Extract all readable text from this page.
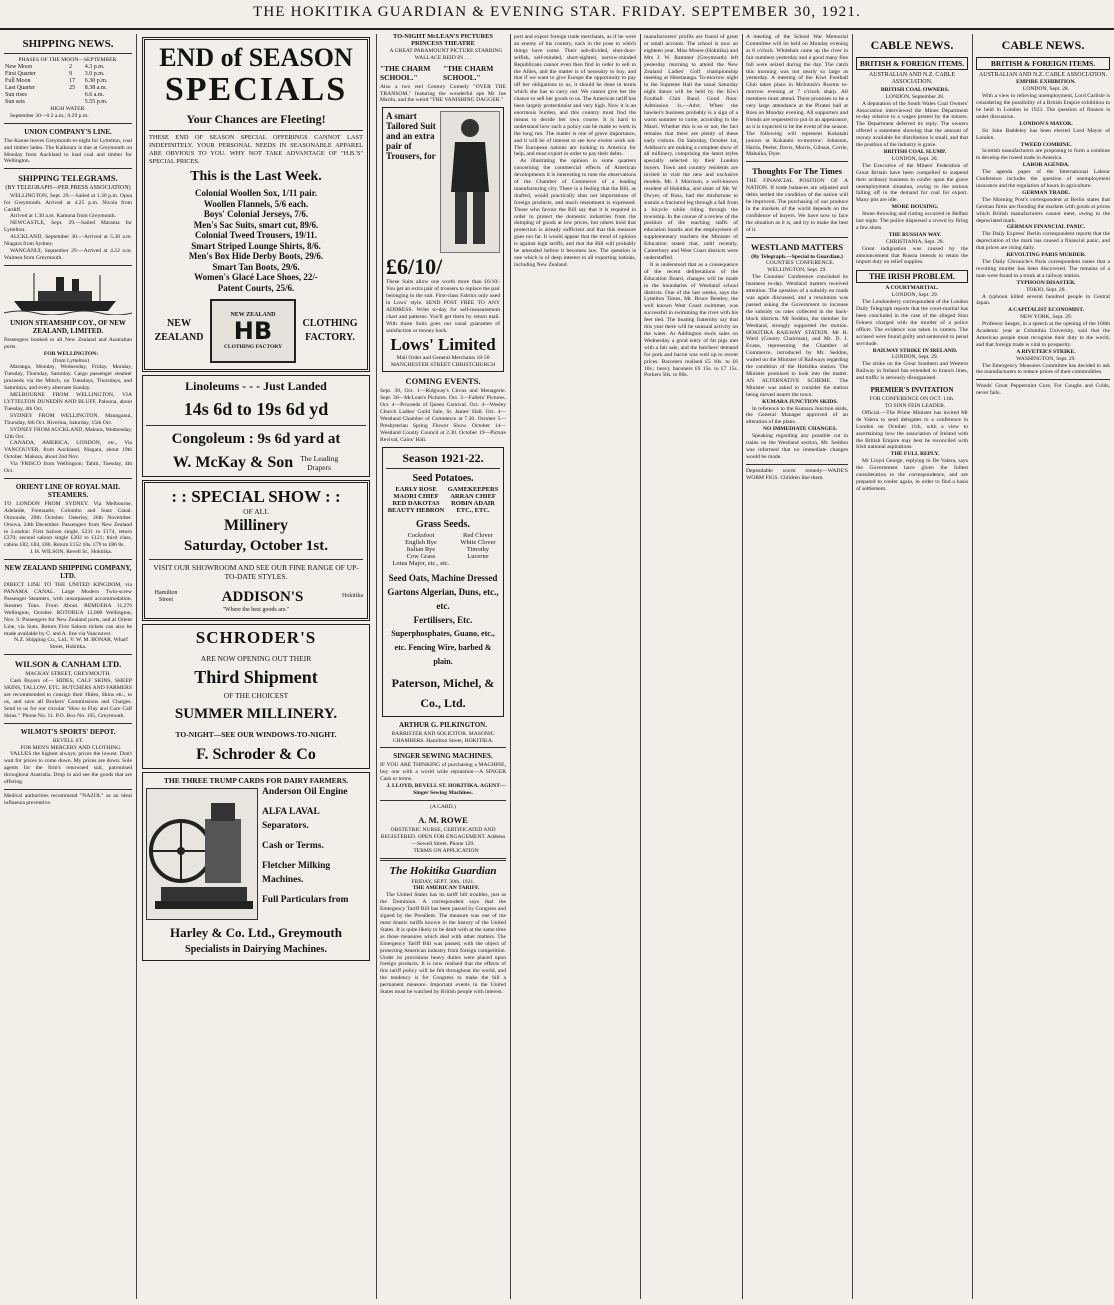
THE HOKITIKA GUARDIAN & EVENING STAR. FRIDAY. SEPTEMBER 30, 1921.
SHIPPING NEWS.
PHASES OF THE MOON—SEPTEMBER.
New Moon	2	4.3 p.m.
First Quarter	9	3.0 p.m.
Full Moon	17	6.30 p.m.
Last Quarter	25	8.38 a.m.
Sun rises		6.6 a.m.
Sun sets		5.55 p.m.
HIGH WATER.

September 30—0.2 a.m.; 0.29 p.m.

UNION COMPANY'S LINE.

The Kanne leaves Greymouth to-night for Lyttelton, coal and timber laden. The Kaikoura is due at Greymouth on Monday from Auckland to load coal and timber for Wellington.

SHIPPING TELEGRAMS.
(BY TELEGRAPH—PER PRESS ASSOCIATION)

WELLINGTON, Sept. 29.—Sailed at 1.30 p.m. Opua for Greymouth. Arrived at 4.25 p.m. Nicola from Cardiff.

Arrived at 1.30 a.m. Kamona from Greymouth.

NEWCASTLE, Sept. 29.—Sailed Marama for Lyttelton.

AUCKLAND, September 30.—Arrived at 5.30 a.m. Niagara from Sydney.

WANGANUI, September 29.—Arrived at 4.22 a.m. Waimea from Greymouth.

UNION STEAMSHIP COY., OF NEW ZEALAND, LIMITED.

Passengers booked to all New Zealand and Australian ports.

FOR WELLINGTON:
(from Lyttelton)

Maranga, Monday, Wednesday, Friday. Monday, Tuesday, Thursday, Saturday. Cargo passenger steamer proceeds via the Minch, on Tuesdays, Thursdays, and Saturdays, and every alternate Sunday.

MELBOURNE FROM WELLINGTON, VIA LYTTELTON DUNEDIN AND BLUFF, Paloona, about Tuesday, 4th Oct.

SYDNEY FROM WELLINGTON, Maunganui, Thursday, 6th Oct. Riverina, Saturday, 15th Oct.

SYDNEY FROM AUCKLAND, Makura, Wednesday, 12th Oct.

CANADA, AMERICA, LONDON, etc., Via VANCOUVER, from Auckland, Niagara, about 19th October. Makura, about 2nd Nov.

Via 'FRISCO from Wellington; Tahiti, Tuesday, 4th Oct.

ORIENT LINE OF ROYAL MAIL STEAMERS.

TO LONDON FROM SYDNEY. Via Melbourne, Adelaide, Fremantle, Colombo and Suez Canal. Ormonde, 29th October. Osterley, 26th November. Orsova, 24th December. Passengers from New Zealand to London: First Saloon single, £231 to £174, return £370; second saloon single £202 to £121; third class, cabins £82, £84, £86. Return £152 10s. £79 to £86 8s.

J. H. WILSON, Revell St., Hokitika.
NEW ZEALAND SHIPPING COMPANY, LTD.

DIRECT LINE TO THE UNITED KINGDOM, via PANAMA CANAL. Large Modern Twin-screw Passenger Steamers, with unsurpassed accommodation. Steamer Tons. From About. REMUERA 11,276 Wellington, October. ROTORUA 12,000 Wellington, Nov. 9. Passengers for New Zealand ports, and at Orient Line, via Suez. Return First Saloon tickets can also be made available by C. and A. line via Vancouver.

N.Z. Shipping Co., Ltd., V. W. M. BONAR, Wharf Street, Hokitika.
WILSON & CANHAM LTD.
MACKAY STREET, GREYMOUTH.

Cash Buyers of— HIDES, CALF SKINS, SHEEP SKINS, TALLOW, ETC. BUTCHERS AND FARMERS are recommended to consign their Hides, Skins etc., to us, and save all Brokers' Commissions and Charges. Send to us for our circular "How to Flay and Cure Calf Skins." 'Phone No. 11. P.O. Box No. 105, Greymouth.

WILMOT'S SPORTS' DEPOT.
REVELL ST.
FOR MEN'S MERCERY AND CLOTHING.

VALUES the highest always; prices the lowest. Don't wait for prices to come down. My prices are down. Sole agents for the firm's renowned suit, patronised throughout Australia. Drop in and see the goods that are offering.

Medical authorities recommend "NAZOL" as an ideal influenza preventive.

END of SEASON
SPECIALS
Your Chances are Fleeting!

THESE END OF SEASON SPECIAL OFFERINGS CANNOT LAST INDEFINITELY. YOUR PERSONAL NEEDS IN SEASONABLE APPAREL ARE OBVIOUS TO YOU. WHY NOT TAKE ADVANTAGE OF "H.B.'S" SPECIAL PRICES.

This is the Last Week.
Colonial Woollen Sox, 1/11 pair.
Woollen Flannels, 5/6 each.
Boys' Colonial Jerseys, 7/6.
Men's Sac Suits, smart cut, 89/6.
Colonial Tweed Trousers, 19/11.
Smart Striped Lounge Shirts, 8/6.
Men's Box Hide Derby Boots, 29/6.
Smart Tan Boots, 29/6.
Women's Glacé Lace Shoes, 22/-
Patent Courts, 25/6.
NEW ZEALAND
NEW ZEALAND
HB
CLOTHING FACTORY
CLOTHING FACTORY.
Linoleums - - - Just Landed
14s 6d to 19s 6d yd
Congoleum : 9s 6d yard at
W. McKay & Son The Leading Drapers
: : SPECIAL SHOW : :
OF ALL
Millinery
Saturday, October 1st.
VISIT OUR SHOWROOM AND SEE OUR FINE RANGE OF UP-TO-DATE STYLES.
Hamilton Street	ADDISON'S	Hokitika
"Where the best goods are."
SCHRODER'S
ARE NOW OPENING OUT THEIR
Third Shipment
OF THE CHOICEST
SUMMER MILLINERY.
TO-NIGHT—SEE OUR WINDOWS-TO-NIGHT.
F. Schroder & Co
THE THREE TRUMP CARDS FOR DAIRY FARMERS.
Anderson Oil Engine
ALFA LAVAL Separators.
Cash or Terms.
Fletcher Milking Machines.
Full Particulars from
Harley & Co. Ltd., Greymouth
Specialists in Dairying Machines.
TO-NIGHT McLEAN'S PICTURES PRINCESS THEATRE
A GREAT PARAMOUNT PICTURE STARRING WALLACE REID IN . . .
"THE CHARM SCHOOL."
"THE CHARM SCHOOL."

Also a two reel Century Comedy "OVER THE TRANSOM," featuring the wonderful ape Mr Joe Martin, and the weird "THE VANISHING DAGGER."

A smart Tailored Suit and an extra pair of Trousers, for
£6/10/

These Suits allow one worth more than £6/10/. You get an extra pair of trousers to replace the pair belonging to the suit. First-class Fabrics only used in Lows' style. SEND POST FREE TO ANY ADDRESS. Write to-day for self-measurement chart and patterns. You'll get them by return mail. With those Suits goes our usual guarantee of satisfaction or money back.

Lows' Limited
Mail Order and General Merchants 18-50 MANCHESTER STREET CHRISTCHURCH
COMING EVENTS.

Sept. 30, Oct. 1—Ridgway's Circus and Menagerie. Sept. 30—McLean's Pictures. Oct. 3—Fullers' Pictures. Oct. 4—Proceeds of Queen Carnival. Oct. 4—Wesley Church Ladies' Guild Sale, St. James' Hall. Oct. 4—Westland Chamber of Commerce at 7.30. October 5—Presbyterian Spring Flower Show. October 14—Westland County Council at 2.30. October 19—Picture Revival, Cains' Hall.

Season 1921-22.
Seed Potatoes.
EARLY ROSE	GAMEKEEPERS
MAORI CHIEF	ARRAN CHIEF
RED DAKOTAS	ROBIN ADAIR
BEAUTY HEBRON	ETC., ETC.
Grass Seeds.
Cocksfoot	Red Clover
English Rye	White Clover
Italian Rye	Timothy
Cow Grass	Lucerne
Lotus Major, etc., etc.	
Seed Oats, Machine Dressed Gartons Algerian, Duns, etc., etc.
Fertilisers, Etc.
Superphosphates, Guano, etc., etc. Fencing Wire, barbed & plain.
Paterson, Michel, & Co., Ltd.
ARTHUR G. PILKINGTON.
BARRISTER AND SOLICITOR. MASONIC CHAMBERS. Hamilton Street, HOKITIKA.
SINGER SEWING MACHINES.

IF YOU ARE THINKING of purchasing a MACHINE, buy one with a world wide reputation—A SINGER Cash or terms.

J. LLOYD, REVELL ST. HOKITIKA. AGENT—Singer Sewing Machines.
(A CARD.)
A. M. ROWE
OBSTETRIC NURSE, CERTIFICATED AND REGISTERED. OPEN FOR ENGAGEMENT. Address—Sewell Street. Phone 129.
TERMS ON APPLICATION
The Hokitika Guardian
FRIDAY, SEPT. 30th, 1921.
THE AMERICAN TARIFF.

The United States has its tariff bill troubles, just as the Dominion. A correspondent says that the Emergency Tariff Bill has been passed by Congress and signed by the President. The measure was one of the most drastic tariffs known in the history of the United States. It is quite likely to be dealt with at the same time as those measures which deal with other matters. The Emergency Tariff Bill was passed, with the object of protecting American industry from foreign competition. Under its provisions heavy duties were placed upon foreign products. It is now realised that the effects of this tariff policy will be felt throughout the world, and the tendency is for Congress to make the bill a permanent measure. Important events in the United States must be watched by British people with interest.

port and export foreign trade merchants, as if he were an enemy of his country, each in the pose to which things have come. Their sub-divided, shut-door-selfish, self-minded, short-sighted, narrow-minded Republicans cannot even then find in order to sell to the Allies, and the matter is of necessity to buy, and that if we want to give Europe the opportunity to pay off her obligations to us, it should be done in terms which she has to carry out. We cannot give her the chance to sell her goods to us. The American tariff has been largely protectionist and very high. Now it is an enormous burden, and this country must find the means to decide her own course. It is hard to understand how such a policy can be made to work in the long run. The matter is one of grave importance, and it will be of interest to see how events work out. The European nations are looking to America for help, and must export in order to pay their debts.

As illustrating the opinion in some quarters concerning the commercial effects of American developments it is interesting to note the observations of the Chamber of Commerce of a leading manufacturing city. There is a feeling that the Bill, as drafted, would practically shut out importations of foreign products, and much resentment is expressed. Those who favour the Bill say that it is required in order to protect the domestic industries from the dumping of goods at low prices, but others hold that protection is already sufficient and that this measure goes too far. It would appear that the trend of opinion is against high tariffs, and that the Bill will probably be amended before it becomes law. The question is one which is of deep interest to all exporting nations, including New Zealand.

manufacturers' profits are found of great or small account. The school is now an eighteen year. Miss Moore (Hokitika) and Mrs J. W. Rammer (Greymouth) left yesterday morning to attend the New Zealand Ladies' Golf championship meeting at Heretaunga. To-morrow night in the Supreme Hall the usual Saturday night dance will be held by the Kiwi Football Club Band. Good floor. Admission 1s.—Advt. When the hawker's business probably is a sign of a warm summer to come, according to the Maori. Whether this is so or not, the fact remains that there are plenty of these early visitors. On Saturday, October 1st, Addison's are making a complete show of all millinery, comprising the latest styles specially selected by their London buyers. Town and country residents are invited to visit the new and exclusive models. Mr. J. Morrison, a well-known resident of Hokitika, and sister of Mr. W. Dwyer, of Ross, had the misfortune to sustain a fractured leg through a fall from a bicycle while riding through the township. In the course of a review of the position of the teaching staffs of education boards and the employment of supplementary teachers the Minister of Education stated that, until recently, Canterbury and West Coast districts were understaffed.

It is understood that as a consequence of the recent deliberations of the Education Board, changes will be made in the boundaries of Westland school districts. One of the last weeks, says the Lyttelton Times, Mr. Bruce Bentley, the well known West Coast swimmer, was successful in swimming the river with his feet tied. The boating fraternity say that this year there will be unusual activity on the water. At Addington stock sales on Wednesday a good entry of fat pigs met with a fair sale, and the butchers' demand for pork and bacon was well up to recent prices. Baconers realised £5 10s. to £6 10s.; heavy baconers £6 15s. to £7 15s. Porkers 50s. to 80s.

A meeting of the School War Memorial Committee will be held on Monday evening at 8 o'clock. Whitebait came up the river in fair numbers yesterday and a good many fine full were seized during the day. The catch this morning was not nearly so large as yesterday. A meeting of the Kiwi Football Club takes place in McIntosh's Rooms to-morrow evening at 7 o'clock sharp. All members must attend. There promises to be a very large attendance at the Pirates ball at Ross on Monday evening. All supporters and friends are requested to put in an appearance, as it is expected to be the event of the season. The following will represent Kokatahi juniors at Kokatahi to-morrow: Johnston, Harris, Peeler, Davis, Morris, Gibson, Corrie, Mahuika, Dyer.

Thoughts For The Times

THE FINANCIAL POSITION OF A NATION. If trade balances are adjusted and debts settled the condition of the nation will be improved. The purchasing of our produce in the markets of the world depends on the confidence of buyers. We have now to face the situation as it is, and try to make the best of it.

WESTLAND MATTERS
(By Telegraph.—Special to Guardian.)
COUNTIES' CONFERENCE. WELLINGTON, Sept. 29.

The Counties' Conference concluded its business to-day. Westland matters received attention. The question of a subsidy on roads was again discussed, and a resolution was passed asking the Government to increase the subsidy on rates collected in the back-block districts. Mr Seddon, the member for Westland, strongly supported the motion. HOKITIKA RAILWAY STATION. Mr H. Ward (County Chairman), and Mr. D. J. Evans, representing the Chamber of Commerce, introduced by Mr. Seddon, waited on the Minister of Railways regarding the condition of the Hokitika station. The Minister promised to look into the matter. AN ALTERNATIVE SCHEME. The Minister was asked to consider the station being moved nearer the town.

KUMARA JUNCTION SKIDS.

In reference to the Kumara Junction skids, the General Manager approved of an alteration of the plans.

NO IMMEDIATE CHANGES.

Speaking regarding any possible cut in trains on the Westland section, Mr. Seddon was informed that no immediate changes would be made.

Dependable worm remedy—WADE'S WORM FIGS. Children like them.

CABLE NEWS.
BRITISH & FOREIGN ITEMS.
AUSTRALIAN AND N.Z. CABLE ASSOCIATION.
BRITISH COAL OWNERS.
LONDON, September 28.

A deputation of the South Wales Coal Owners' Association interviewed the Mines Department to-day relative to a wages protest by the miners. The Department deferred its reply. The owners offered a statement showing that the amount of money available for distribution is small, and that the position of the industry is grave.

BRITISH COAL SLUMP.
LONDON, Sept. 28.

The Executive of the Miners' Federation of Great Britain have been compelled to suspend their ordinary business to confer upon the grave unemployment situation, owing to the serious falling off in the demand for coal for export. Many pits are idle.

MORE HOUSING.

Stone throwing and rioting occurred in Belfast last night. The police dispersed a crowd by firing a few shots.

THE RUSSIAN WAY.
CHRISTIANIA, Sept. 28.

Great indignation was caused by the announcement that Russia intends to retain the import duty on relief supplies.

THE IRISH PROBLEM.
A COURTMARTIAL.
LONDON, Sept. 29.

The Londonderry correspondent of the London Daily Telegraph reports that the court-martial has been concluded in the case of the alleged Sinn Feiners charged with the murder of a police officer. The evidence was taken in camera. The accused were found guilty and sentenced to penal servitude.

RAILWAY STRIKE IN IRELAND.
LONDON, Sept. 29.

The strike on the Great Southern and Western Railway in Ireland has extended to branch lines, and traffic is seriously disorganised.

PREMIER'S INVITATION
FOR CONFERENCE ON OCT. 11th.
TO SINN FEIN LEADER.

Official.—The Prime Minister has invited Mr de Valera to send delegates to a conference in London on October 11th, with a view to ascertaining how the association of Ireland with the British Empire may best be reconciled with Irish national aspirations.

THE FULL REPLY.

Mr Lloyd George, replying to De Valera, says the Government have given the fullest consideration to the correspondence, and are prepared to confer again, in order to find a basis of settlement.

CABLE NEWS.
BRITISH & FOREIGN ITEMS.
AUSTRALIAN AND N.Z. CABLE ASSOCIATION.
EMPIRE EXHIBITION.
LONDON, Sept. 28.

With a view to relieving unemployment, Lord Carlisle is considering the possibility of a British Empire exhibition to be held in London in 1923. The question of finance is under discussion.

LONDON'S MAYOR.

Sir John Baddeley has been elected Lord Mayor of London.

TWEED COMBINE.

Scottish manufacturers are proposing to form a combine to develop the tweed trade in America.

LABOR AGENDA.

The agenda paper of the International Labour Conference includes the question of unemployment insurance and the regulation of hours in agriculture.

GERMAN TRADE.

The Morning Post's correspondent at Berlin states that German firms are flooding the markets with goods at prices which British manufacturers cannot meet, owing to the depreciated mark.

GERMAN FINANCIAL PANIC.

The Daily Express' Berlin correspondent reports that the depreciation of the mark has caused a financial panic, and that prices are rising daily.

REVOLTING PARIS MURDER.

The Daily Chronicle's Paris correspondent states that a revolting murder has been discovered. The remains of a man were found in a trunk at a railway station.

TYPHOON DISASTER.
TOKIO, Sept. 28.

A typhoon killed several hundred people in Central Japan.

A CAPITALIST ECONOMIST.
NEW YORK, Sept. 29.

Professor Seager, in a speech at the opening of the 168th Academic year at Columbia University, said that the American people must recognise their duty to the world, and that foreign trade is vital to prosperity.

A RIVETER'S STRIKE.
WASHINGTON, Sept. 29.

The Emergency Measures Committee has decided to ask the manufacturers to reduce prices of their commodities.

Woods' Great Peppermint Cure, For Coughs and Colds, never fails.
